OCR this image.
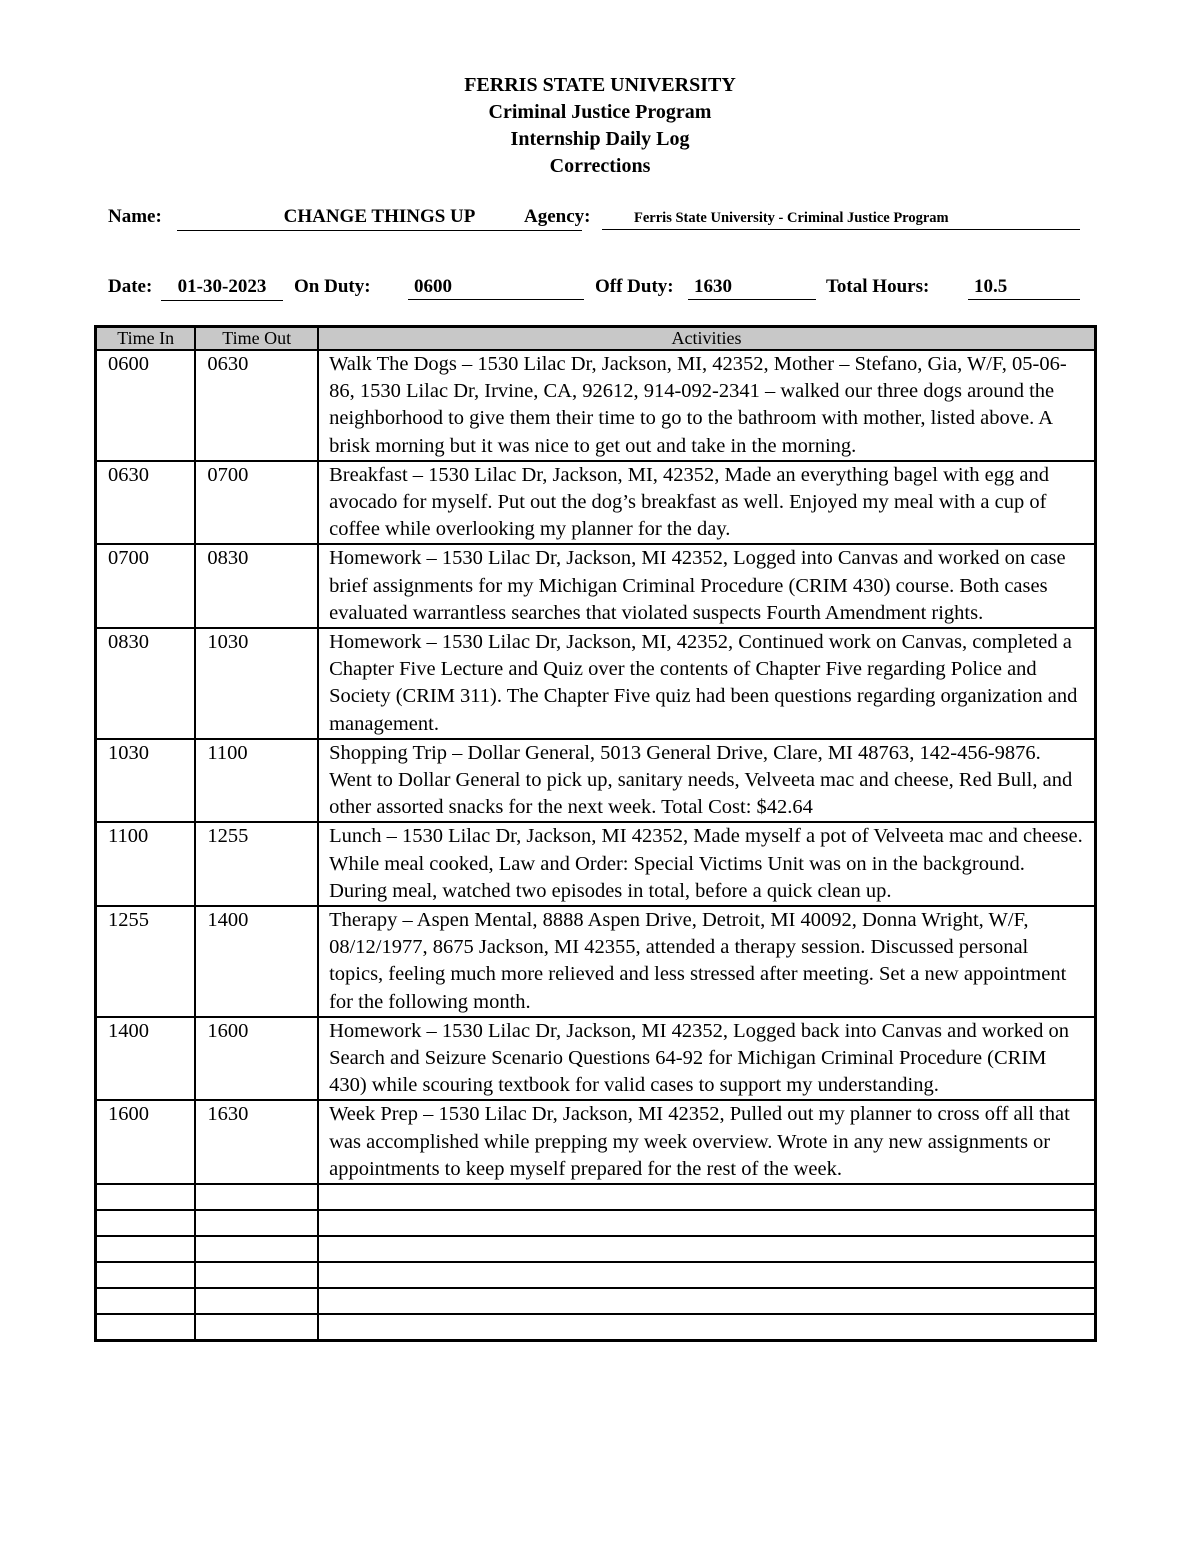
FERRIS STATE UNIVERSITY
Criminal Justice Program
Internship Daily Log
Corrections
Name:	CHANGE THINGS UP	Agency:	Ferris State University - Criminal Justice Program
Date:	01-30-2023	On Duty:	0600	Off Duty:	1630	Total Hours:	10.5
Time In	Time Out	Activities
0600	0630	Walk The Dogs – 1530 Lilac Dr, Jackson, MI, 42352, Mother – Stefano, Gia, W/F, 05-06-86, 1530 Lilac Dr, Irvine, CA, 92612, 914-092-2341 – walked our three dogs around the neighborhood to give them their time to go to the bathroom with mother, listed above. A brisk morning but it was nice to get out and take in the morning.
0630	0700	Breakfast – 1530 Lilac Dr, Jackson, MI, 42352, Made an everything bagel with egg and avocado for myself. Put out the dog’s breakfast as well. Enjoyed my meal with a cup of coffee while overlooking my planner for the day.
0700	0830	Homework – 1530 Lilac Dr, Jackson, MI 42352, Logged into Canvas and worked on case brief assignments for my Michigan Criminal Procedure (CRIM 430) course. Both cases evaluated warrantless searches that violated suspects Fourth Amendment rights.
0830	1030	Homework – 1530 Lilac Dr, Jackson, MI, 42352, Continued work on Canvas, completed a Chapter Five Lecture and Quiz over the contents of Chapter Five regarding Police and Society (CRIM 311). The Chapter Five quiz had been questions regarding organization and management.
1030	1100	Shopping Trip – Dollar General, 5013 General Drive, Clare, MI 48763, 142-456-9876. Went to Dollar General to pick up, sanitary needs, Velveeta mac and cheese, Red Bull, and other assorted snacks for the next week. Total Cost: $42.64
1100	1255	Lunch – 1530 Lilac Dr, Jackson, MI 42352, Made myself a pot of Velveeta mac and cheese. While meal cooked, Law and Order: Special Victims Unit was on in the background. During meal, watched two episodes in total, before a quick clean up.
1255	1400	Therapy – Aspen Mental, 8888 Aspen Drive, Detroit, MI 40092, Donna Wright, W/F, 08/12/1977, 8675 Jackson, MI 42355, attended a therapy session. Discussed personal topics, feeling much more relieved and less stressed after meeting. Set a new appointment for the following month.
1400	1600	Homework – 1530 Lilac Dr, Jackson, MI 42352, Logged back into Canvas and worked on Search and Seizure Scenario Questions 64-92 for Michigan Criminal Procedure (CRIM 430) while scouring textbook for valid cases to support my understanding.
1600	1630	Week Prep – 1530 Lilac Dr, Jackson, MI 42352, Pulled out my planner to cross off all that was accomplished while prepping my week overview. Wrote in any new assignments or appointments to keep myself prepared for the rest of the week.
